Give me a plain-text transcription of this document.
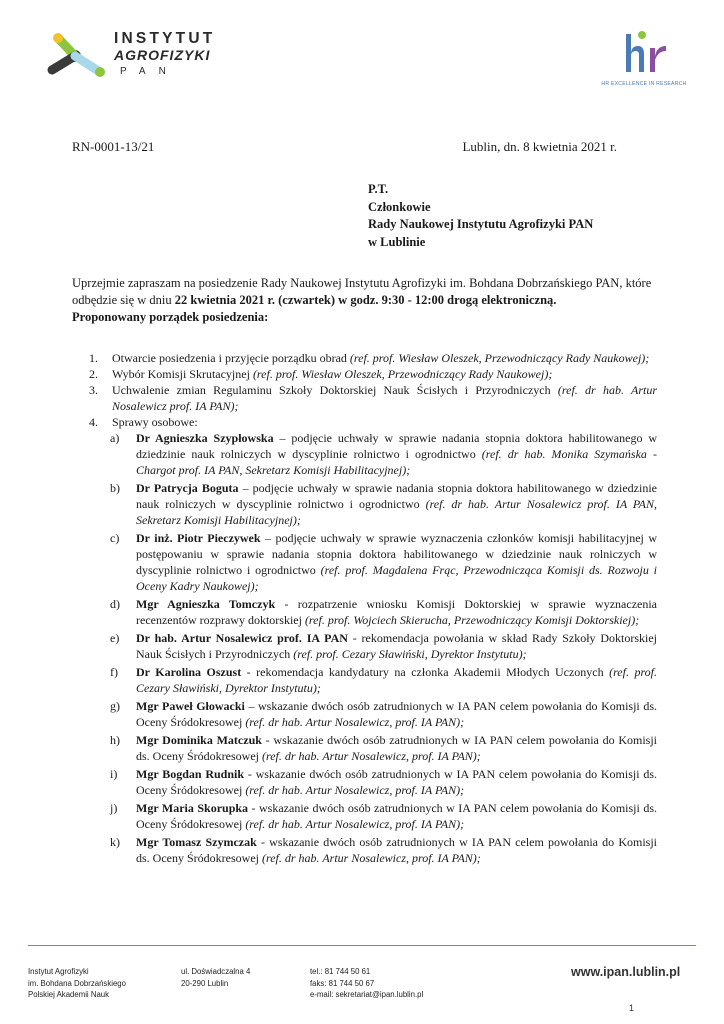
INSTYTUT
AGROFIZYKI
PAN
HR EXCELLENCE IN RESEARCH
RN-0001-13/21	Lublin, dn. 8 kwietnia 2021 r.
P.T.
Członkowie
Rady Naukowej Instytutu Agrofizyki PAN
w Lublinie
Uprzejmie zapraszam na posiedzenie Rady Naukowej Instytutu Agrofizyki im. Bohdana Dobrzańskiego PAN, które odbędzie się w dniu 22 kwietnia 2021 r. (czwartek) w godz. 9:30 - 12:00 drogą elektroniczną.
Proponowany porządek posiedzenia:
1. Otwarcie posiedzenia i przyjęcie porządku obrad (ref. prof. Wiesław Oleszek, Przewodniczący Rady Naukowej);
2. Wybór Komisji Skrutacyjnej (ref. prof. Wiesław Oleszek, Przewodniczący Rady Naukowej);
3. Uchwalenie zmian Regulaminu Szkoły Doktorskiej Nauk Ścisłych i Przyrodniczych (ref. dr hab. Artur Nosalewicz prof. IA PAN);
4. Sprawy osobowe:
a) Dr Agnieszka Szypłowska – podjęcie uchwały w sprawie nadania stopnia doktora habilitowanego w dziedzinie nauk rolniczych w dyscyplinie rolnictwo i ogrodnictwo (ref. dr hab. Monika Szymańska - Chargot prof. IA PAN, Sekretarz Komisji Habilitacyjnej);
b) Dr Patrycja Boguta – podjęcie uchwały w sprawie nadania stopnia doktora habilitowanego w dziedzinie nauk rolniczych w dyscyplinie rolnictwo i ogrodnictwo (ref. dr hab. Artur Nosalewicz prof. IA PAN, Sekretarz Komisji Habilitacyjnej);
c) Dr inż. Piotr Pieczywek – podjęcie uchwały w sprawie wyznaczenia członków komisji habilitacyjnej w postępowaniu w sprawie nadania stopnia doktora habilitowanego w dziedzinie nauk rolniczych w dyscyplinie rolnictwo i ogrodnictwo (ref. prof. Magdalena Frąc, Przewodnicząca Komisji ds. Rozwoju i Oceny Kadry Naukowej);
d) Mgr Agnieszka Tomczyk - rozpatrzenie wniosku Komisji Doktorskiej w sprawie wyznaczenia recenzentów rozprawy doktorskiej (ref. prof. Wojciech Skierucha, Przewodniczący Komisji Doktorskiej);
e) Dr hab. Artur Nosalewicz prof. IA PAN - rekomendacja powołania w skład Rady Szkoły Doktorskiej Nauk Ścisłych i Przyrodniczych (ref. prof. Cezary Sławiński, Dyrektor Instytutu);
f) Dr Karolina Oszust - rekomendacja kandydatury na członka Akademii Młodych Uczonych (ref. prof. Cezary Sławiński, Dyrektor Instytutu);
g) Mgr Paweł Głowacki – wskazanie dwóch osób zatrudnionych w IA PAN celem powołania do Komisji ds. Oceny Śródokresowej (ref. dr hab. Artur Nosalewicz, prof. IA PAN);
h) Mgr Dominika Matczuk - wskazanie dwóch osób zatrudnionych w IA PAN celem powołania do Komisji ds. Oceny Śródokresowej (ref. dr hab. Artur Nosalewicz, prof. IA PAN);
i) Mgr Bogdan Rudnik - wskazanie dwóch osób zatrudnionych w IA PAN celem powołania do Komisji ds. Oceny Śródokresowej (ref. dr hab. Artur Nosalewicz, prof. IA PAN);
j) Mgr Maria Skorupka - wskazanie dwóch osób zatrudnionych w IA PAN celem powołania do Komisji ds. Oceny Śródokresowej (ref. dr hab. Artur Nosalewicz, prof. IA PAN);
k) Mgr Tomasz Szymczak - wskazanie dwóch osób zatrudnionych w IA PAN celem powołania do Komisji ds. Oceny Śródokresowej (ref. dr hab. Artur Nosalewicz, prof. IA PAN);
Instytut Agrofizyki
im. Bohdana Dobrzańskiego
Polskiej Akademii Nauk
ul. Doświadczalna 4
20-290 Lublin
tel.: 81 744 50 61
faks: 81 744 50 67
e-mail: sekretariat@ipan.lublin.pl
www.ipan.lublin.pl
1
